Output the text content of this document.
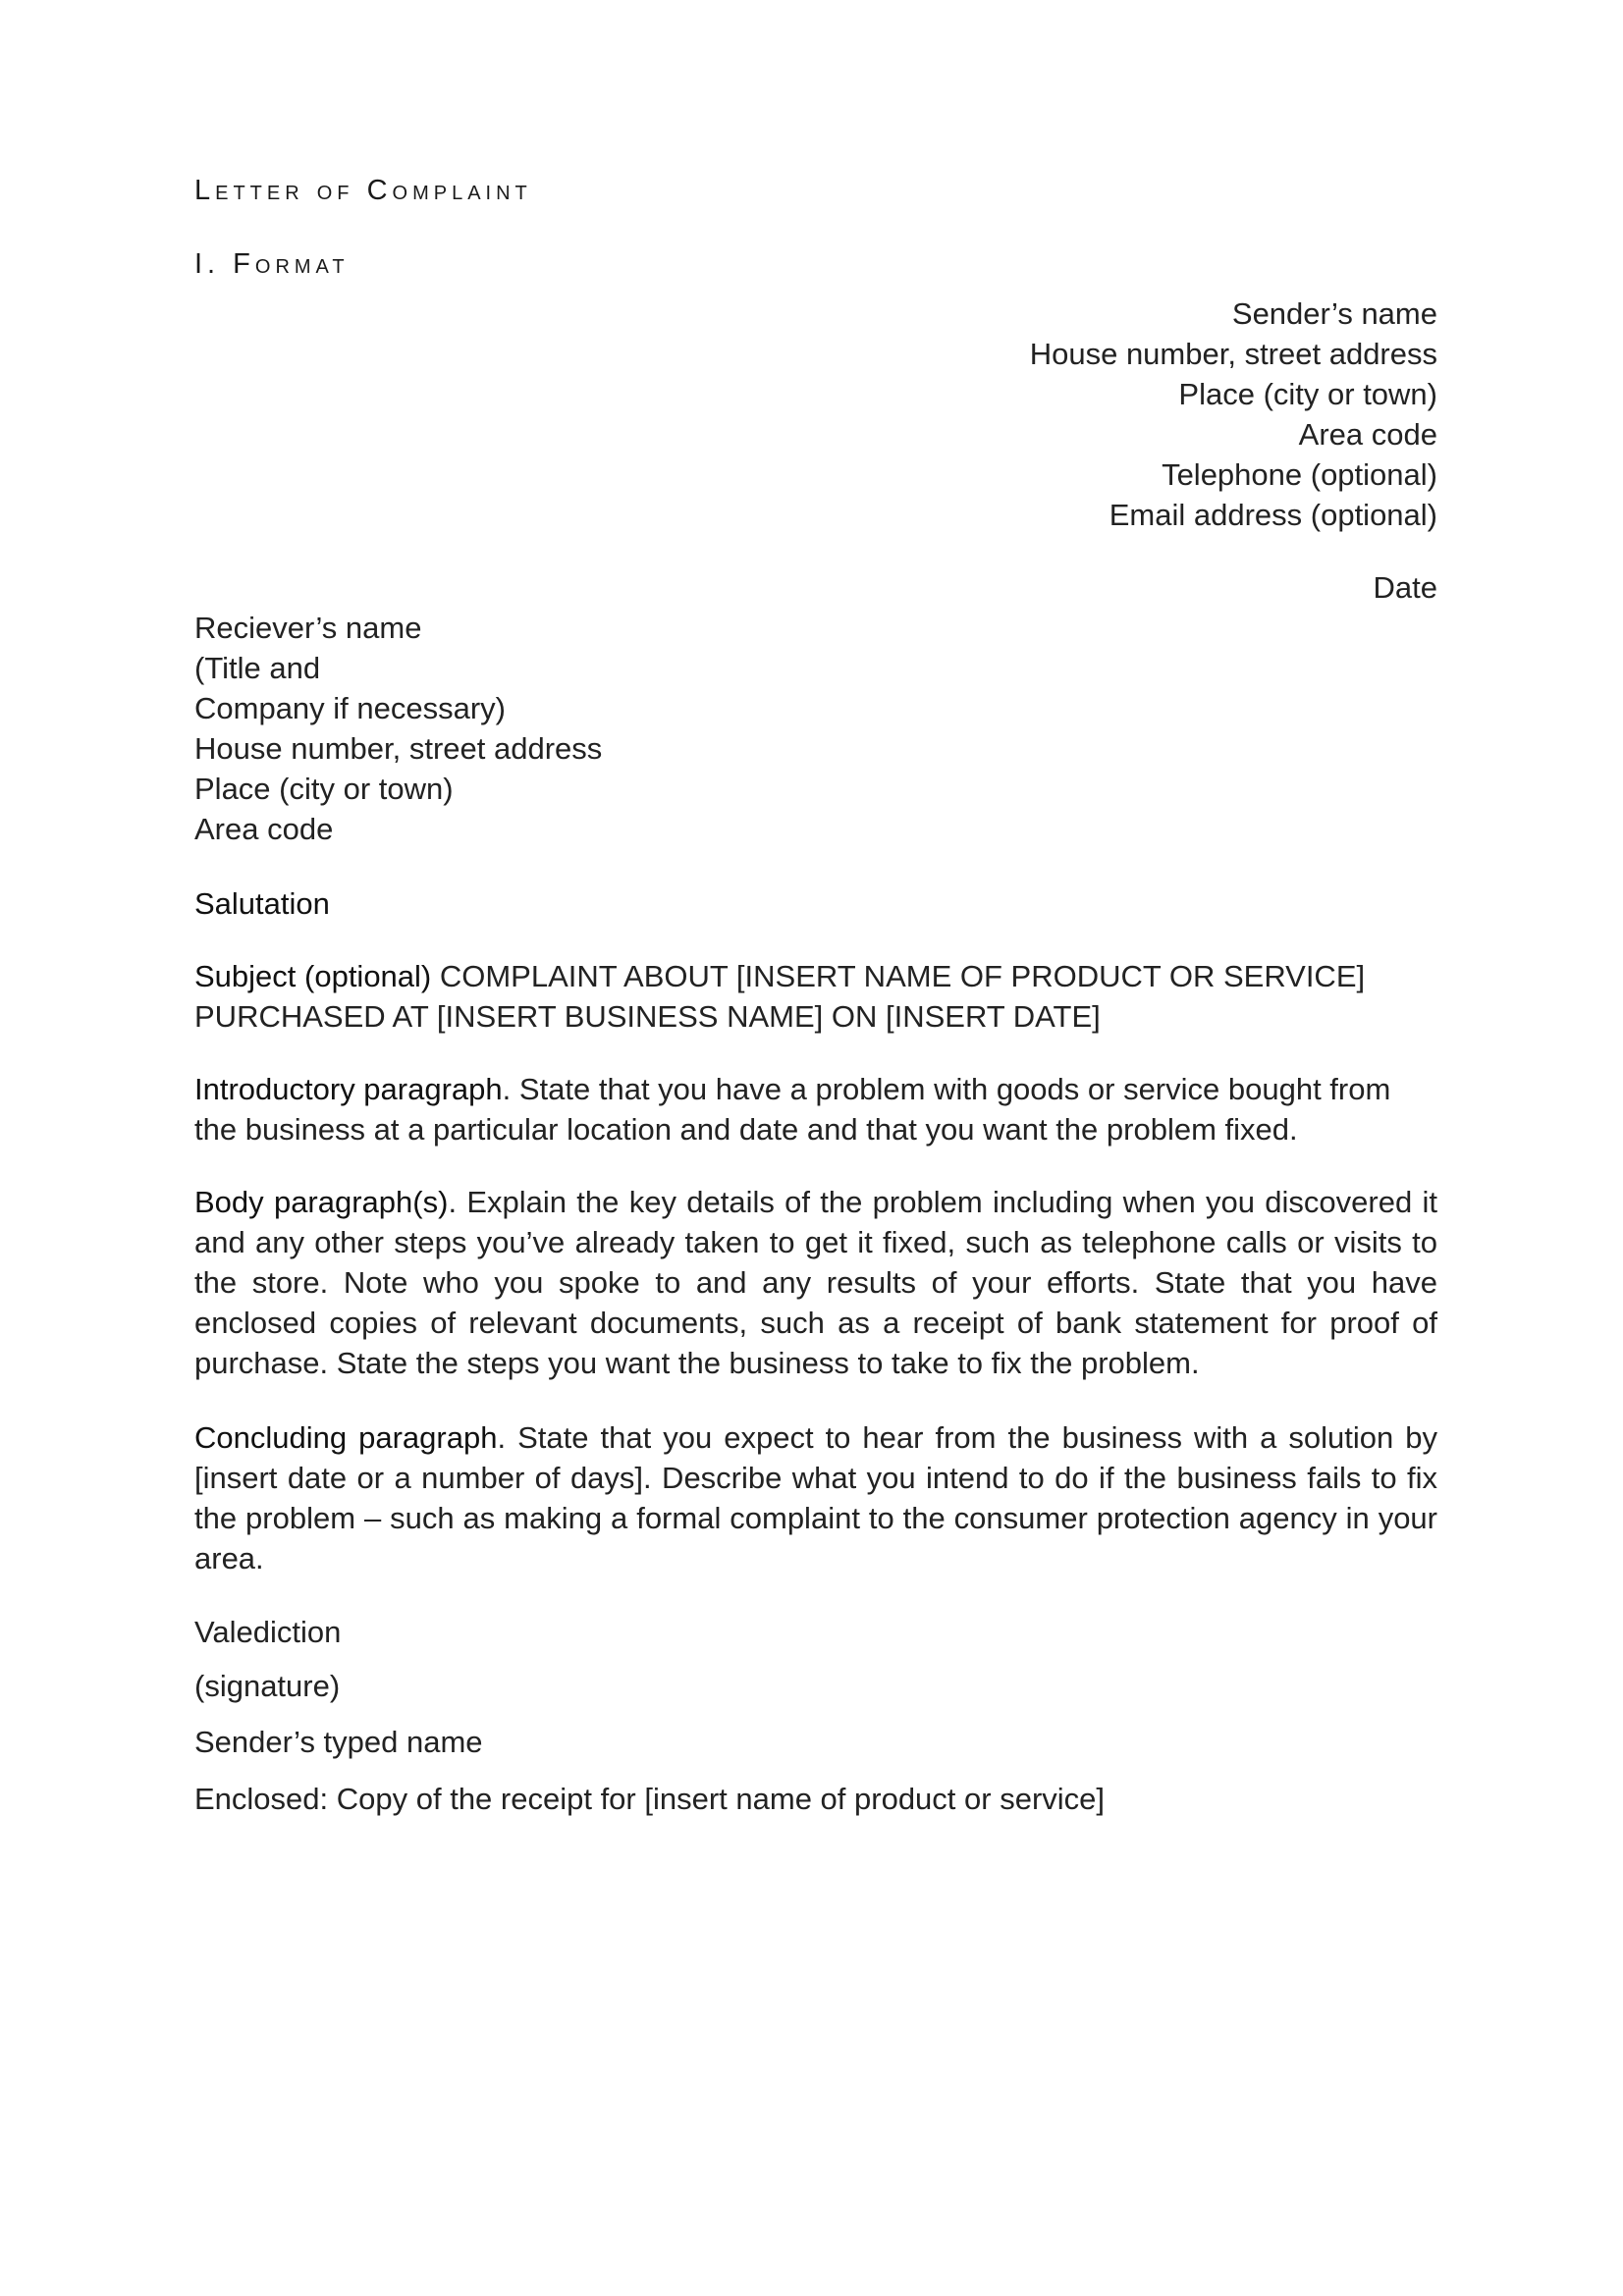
Letter of Complaint
I. Format
Sender’s name
House number, street address
Place (city or town)
Area code
Telephone (optional)
Email address (optional)
Date
Reciever’s name
(Title and
Company if necessary)
House number, street address
Place (city or town)
Area code
Salutation
Subject (optional) COMPLAINT ABOUT [INSERT NAME OF PRODUCT OR SERVICE] PURCHASED AT [INSERT BUSINESS NAME] ON [INSERT DATE]
Introductory paragraph. State that you have a problem with goods or service bought from the business at a particular location and date and that you want the problem fixed.
Body paragraph(s). Explain the key details of the problem including when you discovered it and any other steps you’ve already taken to get it fixed, such as telephone calls or visits to the store. Note who you spoke to and any results of your efforts. State that you have enclosed copies of relevant documents, such as a receipt of bank statement for proof of purchase. State the steps you want the business to take to fix the problem.
Concluding paragraph. State that you expect to hear from the business with a solution by [insert date or a number of days]. Describe what you intend to do if the business fails to fix the problem – such as making a formal complaint to the consumer protection agency in your area.
Valediction
(signature)
Sender’s typed name
Enclosed: Copy of the receipt for [insert name of product or service]
